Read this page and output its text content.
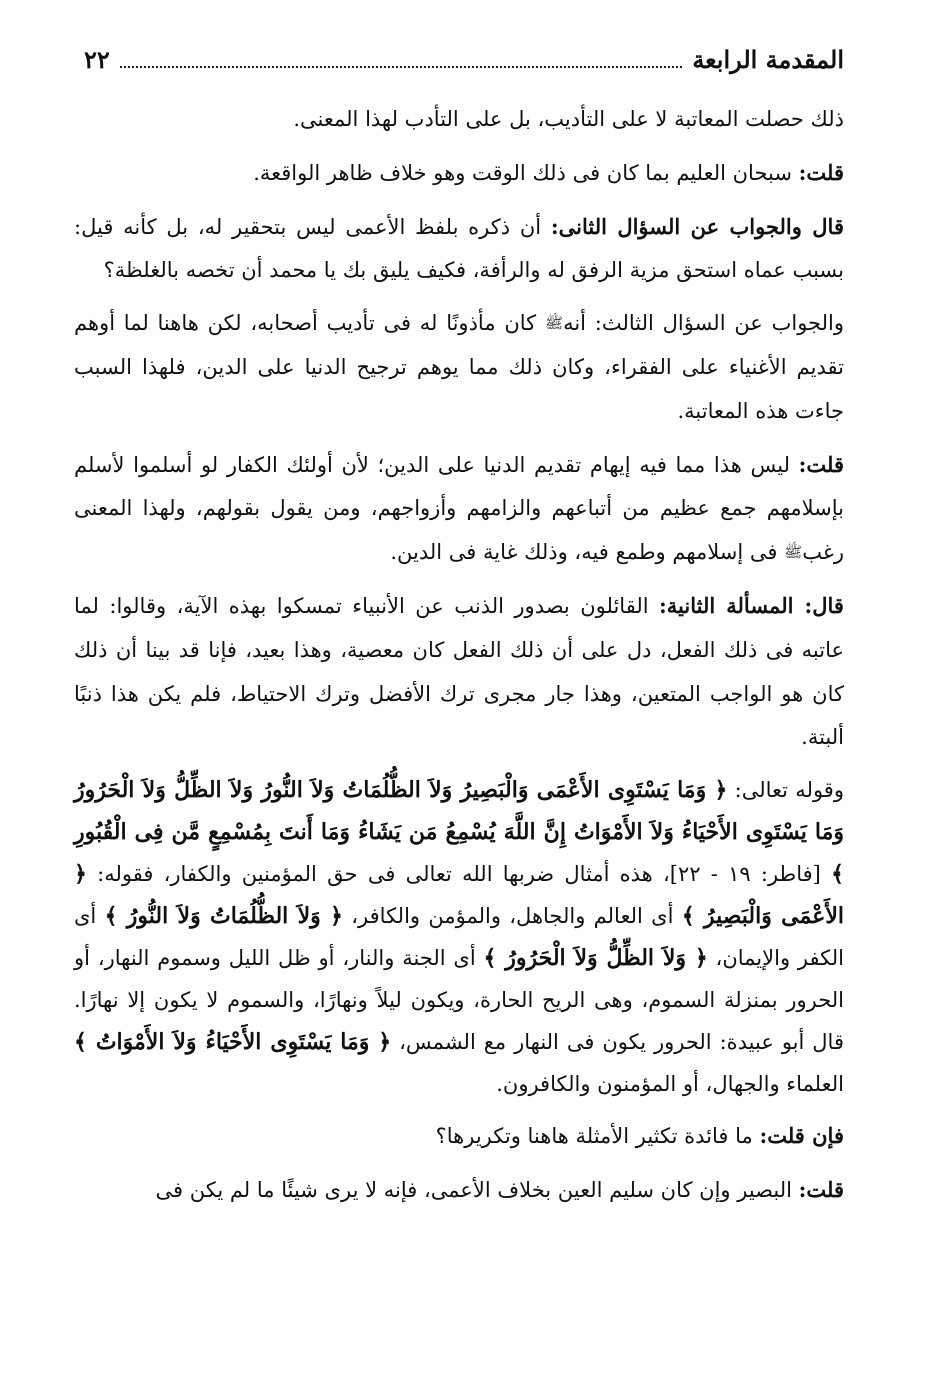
المقدمة الرابعة
٢٢

ذلك حصلت المعاتبة لا على التأديب، بل على التأدب لهذا المعنى.

قلت: سبحان العليم بما كان فى ذلك الوقت وهو خلاف ظاهر الواقعة.

قال والجواب عن السؤال الثانى: أن ذكره بلفظ الأعمى ليس بتحقير له، بل كأنه قيل: بسبب عماه استحق مزية الرفق له والرأفة، فكيف يليق بك يا محمد أن تخصه بالغلظة؟

والجواب عن السؤال الثالث: أنهﷺ كان مأذونًا له فى تأديب أصحابه، لكن هاهنا لما أوهم تقديم الأغنياء على الفقراء، وكان ذلك مما يوهم ترجيح الدنيا على الدين، فلهذا السبب جاءت هذه المعاتبة.

قلت: ليس هذا مما فيه إيهام تقديم الدنيا على الدين؛ لأن أولئك الكفار لو أسلموا لأسلم بإسلامهم جمع عظيم من أتباعهم والزامهم وأزواجهم، ومن يقول بقولهم، ولهذا المعنى رغبﷺ فى إسلامهم وطمع فيه، وذلك غاية فى الدين.

قال: المسألة الثانية: القائلون بصدور الذنب عن الأنبياء تمسكوا بهذه الآية، وقالوا: لما عاتبه فى ذلك الفعل، دل على أن ذلك الفعل كان معصية، وهذا بعيد، فإنا قد بينا أن ذلك كان هو الواجب المتعين، وهذا جار مجرى ترك الأفضل وترك الاحتياط، فلم يكن هذا ذنبًا ألبتة.

وقوله تعالى: ﴿ وَمَا يَسْتَوِى الأَعْمَى وَالْبَصِيرُ وَلاَ الظُّلُمَاتُ وَلاَ النُّورُ وَلاَ الظِّلُّ وَلاَ الْحَرُورُ وَمَا يَسْتَوِى الأَحْيَاءُ وَلاَ الأَمْوَاتُ إِنَّ اللَّهَ يُسْمِعُ مَن يَشَاءُ وَمَا أَنتَ بِمُسْمِعٍ مَّن فِى الْقُبُورِ ﴾ [فاطر: ١٩ - ٢٢]، هذه أمثال ضربها الله تعالى فى حق المؤمنين والكفار، فقوله: ﴿ الأَعْمَى وَالْبَصِيرُ ﴾ أى العالم والجاهل، والمؤمن والكافر، ﴿ وَلاَ الظُّلُمَاتُ وَلاَ النُّورُ ﴾ أى الكفر والإيمان، ﴿ وَلاَ الظِّلُّ وَلاَ الْحَرُورُ ﴾ أى الجنة والنار، أو ظل الليل وسموم النهار، أو الحرور بمنزلة السموم، وهى الريح الحارة، ويكون ليلاً ونهارًا، والسموم لا يكون إلا نهارًا. قال أبو عبيدة: الحرور يكون فى النهار مع الشمس، ﴿ وَمَا يَسْتَوِى الأَحْيَاءُ وَلاَ الأَمْوَاتُ ﴾ العلماء والجهال، أو المؤمنون والكافرون.

فإن قلت: ما فائدة تكثير الأمثلة هاهنا وتكريرها؟

قلت: البصير وإن كان سليم العين بخلاف الأعمى، فإنه لا يرى شيئًا ما لم يكن فى
